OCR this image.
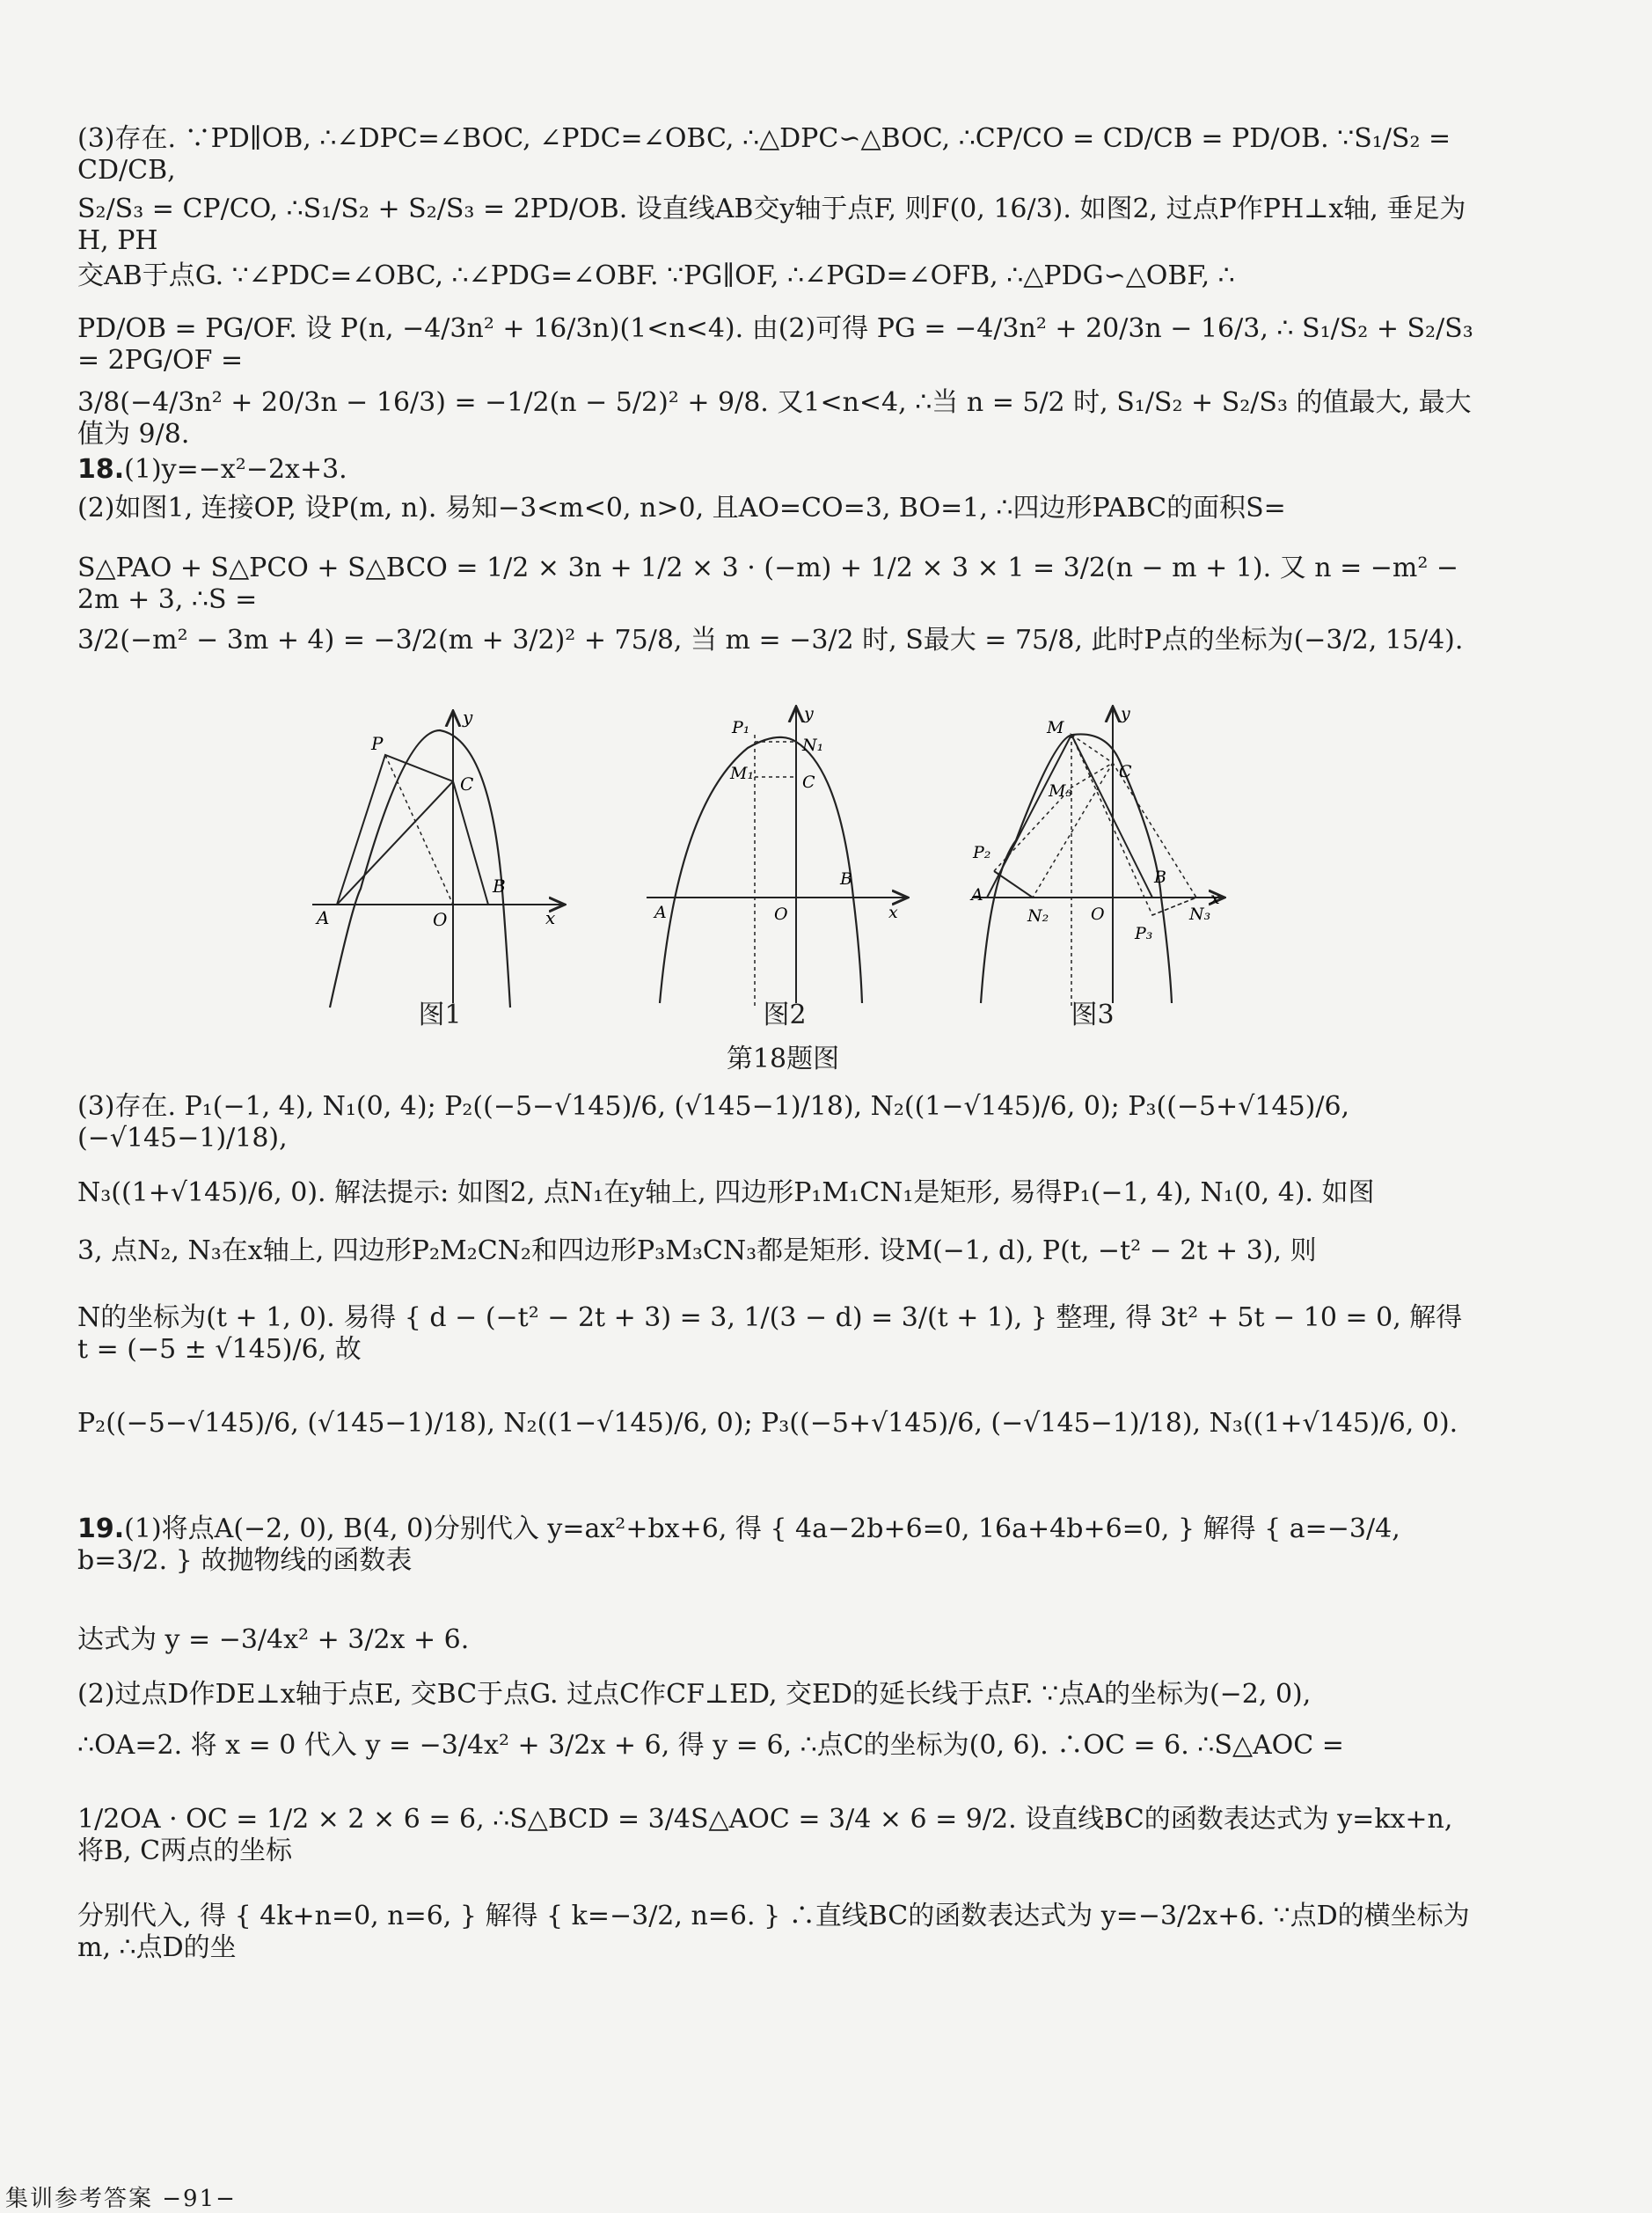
(3)存在. ∵PD∥OB, ∴∠DPC=∠BOC, ∠PDC=∠OBC, ∴△DPC∽△BOC, ∴CP/CO = CD/CB = PD/OB. ∵S₁/S₂ = CD/CB,
S₂/S₃ = CP/CO, ∴S₁/S₂ + S₂/S₃ = 2PD/OB. 设直线AB交y轴于点F, 则F(0, 16/3). 如图2, 过点P作PH⊥x轴, 垂足为H, PH
交AB于点G. ∵∠PDC=∠OBC, ∴∠PDG=∠OBF. ∵PG∥OF, ∴∠PGD=∠OFB, ∴△PDG∽△OBF, ∴
PD/OB = PG/OF. 设 P(n, −4/3n² + 16/3n)(1<n<4). 由(2)可得 PG = −4/3n² + 20/3n − 16/3, ∴ S₁/S₂ + S₂/S₃ = 2PG/OF =
3/8(−4/3n² + 20/3n − 16/3) = −1/2(n − 5/2)² + 9/8. 又1<n<4, ∴当 n = 5/2 时, S₁/S₂ + S₂/S₃ 的值最大, 最大值为 9/8.
18.(1)y=−x²−2x+3.
(2)如图1, 连接OP, 设P(m, n). 易知−3<m<0, n>0, 且AO=CO=3, BO=1, ∴四边形PABC的面积S=
S△PAO + S△PCO + S△BCO = 1/2 × 3n + 1/2 × 3 · (−m) + 1/2 × 3 × 1 = 3/2(n − m + 1). 又 n = −m² − 2m + 3, ∴S =
3/2(−m² − 3m + 4) = −3/2(m + 3/2)² + 75/8, 当 m = −3/2 时, S最大 = 75/8, 此时P点的坐标为(−3/2, 15/4).
P
C
A	O
B
x
y
图1
P₁
N₁
M₁	C
A	O
B
x
y
图2
M
C
M₃
P₂
A
N₂	O
B
P₃
N₃
x
y
图3
第18题图
(3)存在. P₁(−1, 4), N₁(0, 4); P₂((−5−√145)/6, (√145−1)/18), N₂((1−√145)/6, 0); P₃((−5+√145)/6, (−√145−1)/18),
N₃((1+√145)/6, 0). 解法提示: 如图2, 点N₁在y轴上, 四边形P₁M₁CN₁是矩形, 易得P₁(−1, 4), N₁(0, 4). 如图
3, 点N₂, N₃在x轴上, 四边形P₂M₂CN₂和四边形P₃M₃CN₃都是矩形. 设M(−1, d), P(t, −t² − 2t + 3), 则
N的坐标为(t + 1, 0). 易得 { d − (−t² − 2t + 3) = 3, 1/(3 − d) = 3/(t + 1), } 整理, 得 3t² + 5t − 10 = 0, 解得 t = (−5 ± √145)/6, 故
P₂((−5−√145)/6, (√145−1)/18), N₂((1−√145)/6, 0); P₃((−5+√145)/6, (−√145−1)/18), N₃((1+√145)/6, 0).
19.(1)将点A(−2, 0), B(4, 0)分别代入 y=ax²+bx+6, 得 { 4a−2b+6=0, 16a+4b+6=0, } 解得 { a=−3/4, b=3/2. } 故抛物线的函数表
达式为 y = −3/4x² + 3/2x + 6.
(2)过点D作DE⊥x轴于点E, 交BC于点G. 过点C作CF⊥ED, 交ED的延长线于点F. ∵点A的坐标为(−2, 0),
∴OA=2. 将 x = 0 代入 y = −3/4x² + 3/2x + 6, 得 y = 6, ∴点C的坐标为(0, 6). ∴OC = 6. ∴S△AOC =
1/2OA · OC = 1/2 × 2 × 6 = 6, ∴S△BCD = 3/4S△AOC = 3/4 × 6 = 9/2. 设直线BC的函数表达式为 y=kx+n, 将B, C两点的坐标
分别代入, 得 { 4k+n=0, n=6, } 解得 { k=−3/2, n=6. } ∴直线BC的函数表达式为 y=−3/2x+6. ∵点D的横坐标为m, ∴点D的坐
集训参考答案 −91−
